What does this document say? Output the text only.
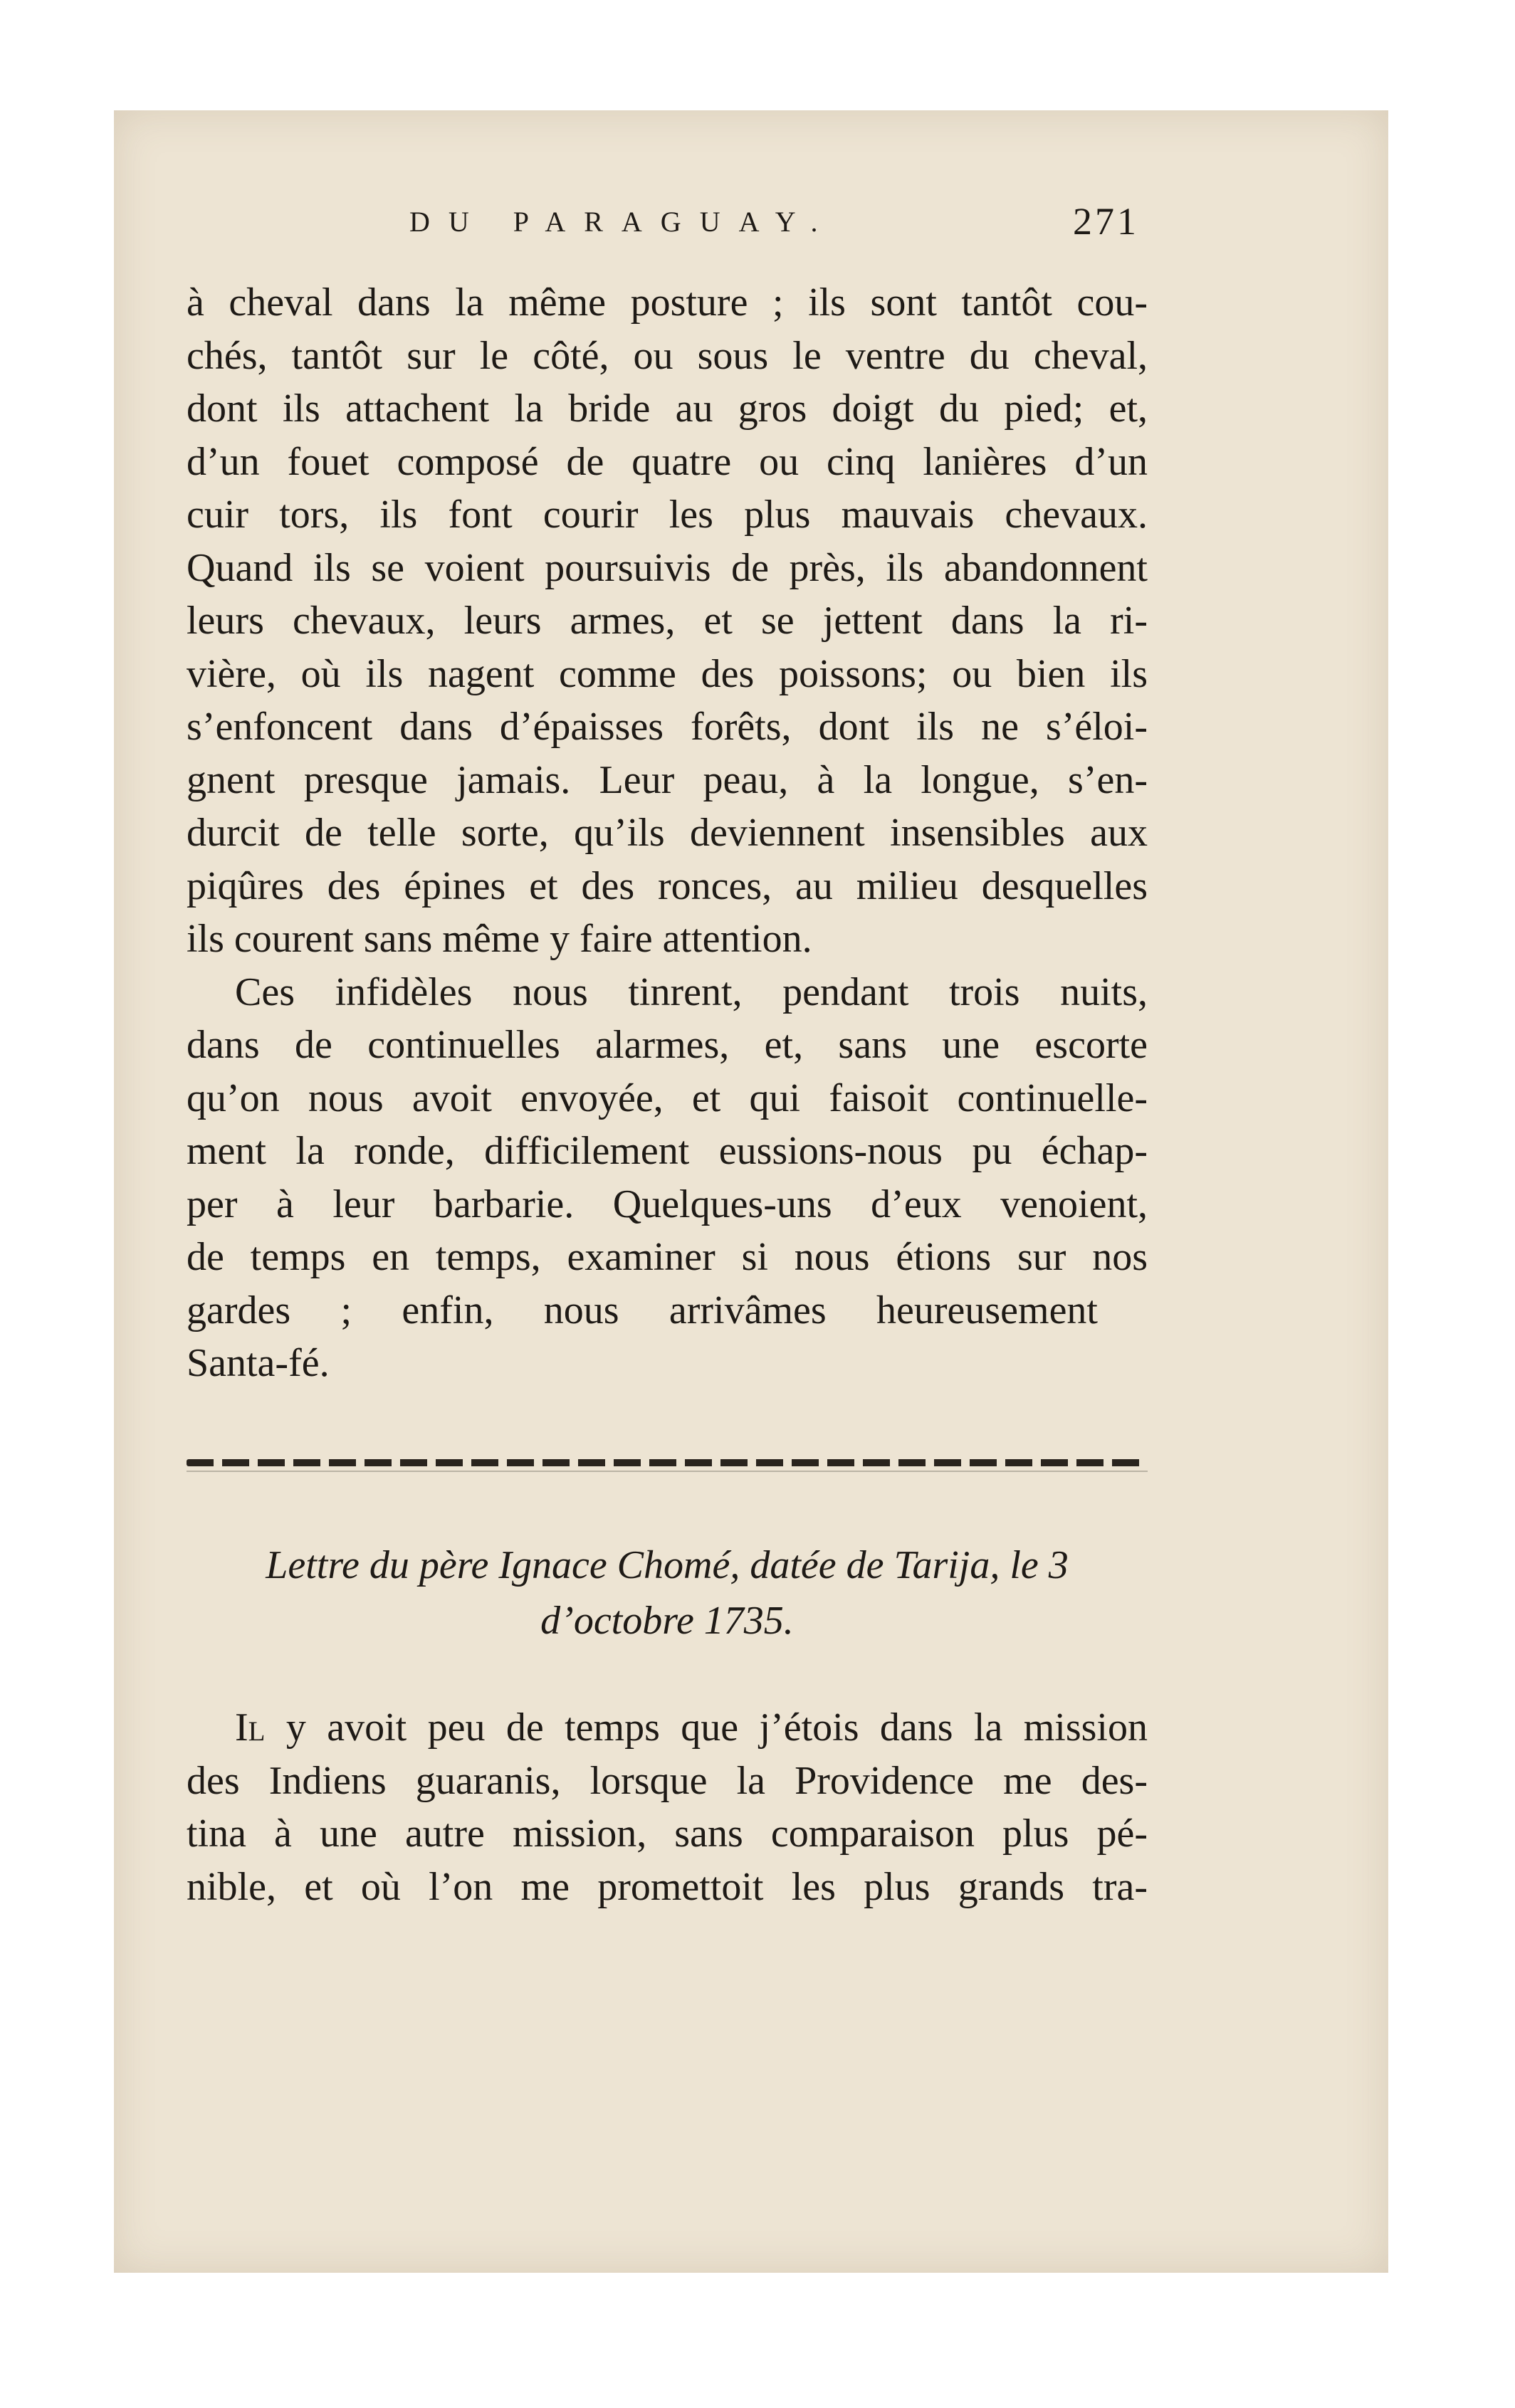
DU PARAGUAY.	271
à cheval dans la même posture ; ils sont tantôt cou-
chés, tantôt sur le côté, ou sous le ventre du cheval,
dont ils attachent la bride au gros doigt du pied; et,
d’un fouet composé de quatre ou cinq lanières d’un
cuir tors, ils font courir les plus mauvais chevaux.
Quand ils se voient poursuivis de près, ils abandonnent
leurs chevaux, leurs armes, et se jettent dans la ri-
vière, où ils nagent comme des poissons; ou bien ils
s’enfoncent dans d’épaisses forêts, dont ils ne s’éloi-
gnent presque jamais. Leur peau, à la longue, s’en-
durcit de telle sorte, qu’ils deviennent insensibles aux
piqûres des épines et des ronces, au milieu desquelles
ils courent sans même y faire attention.
Ces infidèles nous tinrent, pendant trois nuits,
dans de continuelles alarmes, et, sans une escorte
qu’on nous avoit envoyée, et qui faisoit continuelle-
ment la ronde, difficilement eussions-nous pu échap-
per à leur barbarie. Quelques-uns d’eux venoient,
de temps en temps, examiner si nous étions sur nos
gardes ; enfin, nous arrivâmes heureusement
Santa-fé.
Lettre du père Ignace Chomé, datée de Tarija, le 3
d’octobre 1735.
Il y avoit peu de temps que j’étois dans la mission
des Indiens guaranis, lorsque la Providence me des-
tina à une autre mission, sans comparaison plus pé-
nible, et où l’on me promettoit les plus grands tra-
